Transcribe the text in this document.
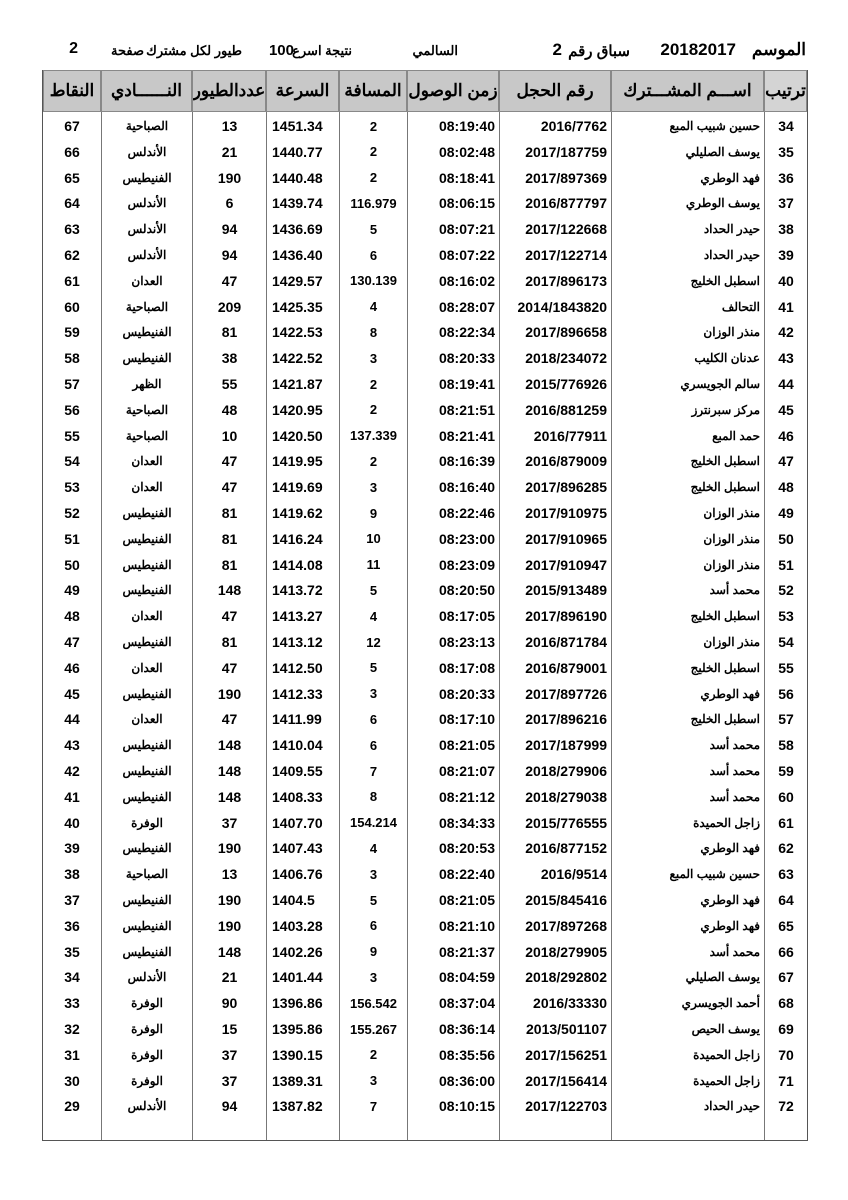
الموسم
20182017
سباق رقم
2
السالمي
نتيجة اسرع
100
طيور لكل مشترك
صفحة
2
ترتيب
اســـم المشـــترك
رقم الحجل
زمن الوصول
المسافة
السرعة
عددالطيور
النــــــادي
النقاط
34
حسين شبيب المبع
2016/7762
08:19:40
2
1451.34
13
الصباحية
67
35
يوسف الصليلي
2017/187759
08:02:48
2
1440.77
21
الأندلس
66
36
فهد الوطري
2017/897369
08:18:41
2
1440.48
190
الفنيطيس
65
37
يوسف الوطري
2016/877797
08:06:15
116.979
1439.74
6
الأندلس
64
38
حيدر الحداد
2017/122668
08:07:21
5
1436.69
94
الأندلس
63
39
حيدر الحداد
2017/122714
08:07:22
6
1436.40
94
الأندلس
62
40
اسطبل الخليج
2017/896173
08:16:02
130.139
1429.57
47
العدان
61
41
التحالف
2014/1843820
08:28:07
4
1425.35
209
الصباحية
60
42
منذر الوزان
2017/896658
08:22:34
8
1422.53
81
الفنيطيس
59
43
عدنان الكليب
2018/234072
08:20:33
3
1422.52
38
الفنيطيس
58
44
سالم الجويسري
2015/776926
08:19:41
2
1421.87
55
الظهر
57
45
مركز سبرنترز
2016/881259
08:21:51
2
1420.95
48
الصباحية
56
46
حمد المبع
2016/77911
08:21:41
137.339
1420.50
10
الصباحية
55
47
اسطبل الخليج
2016/879009
08:16:39
2
1419.95
47
العدان
54
48
اسطبل الخليج
2017/896285
08:16:40
3
1419.69
47
العدان
53
49
منذر الوزان
2017/910975
08:22:46
9
1419.62
81
الفنيطيس
52
50
منذر الوزان
2017/910965
08:23:00
10
1416.24
81
الفنيطيس
51
51
منذر الوزان
2017/910947
08:23:09
11
1414.08
81
الفنيطيس
50
52
محمد أسد
2015/913489
08:20:50
5
1413.72
148
الفنيطيس
49
53
اسطبل الخليج
2017/896190
08:17:05
4
1413.27
47
العدان
48
54
منذر الوزان
2016/871784
08:23:13
12
1413.12
81
الفنيطيس
47
55
اسطبل الخليج
2016/879001
08:17:08
5
1412.50
47
العدان
46
56
فهد الوطري
2017/897726
08:20:33
3
1412.33
190
الفنيطيس
45
57
اسطبل الخليج
2017/896216
08:17:10
6
1411.99
47
العدان
44
58
محمد أسد
2017/187999
08:21:05
6
1410.04
148
الفنيطيس
43
59
محمد أسد
2018/279906
08:21:07
7
1409.55
148
الفنيطيس
42
60
محمد أسد
2018/279038
08:21:12
8
1408.33
148
الفنيطيس
41
61
زاجل الحميدة
2015/776555
08:34:33
154.214
1407.70
37
الوفرة
40
62
فهد الوطري
2016/877152
08:20:53
4
1407.43
190
الفنيطيس
39
63
حسين شبيب المبع
2016/9514
08:22:40
3
1406.76
13
الصباحية
38
64
فهد الوطري
2015/845416
08:21:05
5
1404.5
190
الفنيطيس
37
65
فهد الوطري
2017/897268
08:21:10
6
1403.28
190
الفنيطيس
36
66
محمد أسد
2018/279905
08:21:37
9
1402.26
148
الفنيطيس
35
67
يوسف الصليلي
2018/292802
08:04:59
3
1401.44
21
الأندلس
34
68
أحمد الجويسري
2016/33330
08:37:04
156.542
1396.86
90
الوفرة
33
69
يوسف الحيص
2013/501107
08:36:14
155.267
1395.86
15
الوفرة
32
70
زاجل الحميدة
2017/156251
08:35:56
2
1390.15
37
الوفرة
31
71
زاجل الحميدة
2017/156414
08:36:00
3
1389.31
37
الوفرة
30
72
حيدر الحداد
2017/122703
08:10:15
7
1387.82
94
الأندلس
29
